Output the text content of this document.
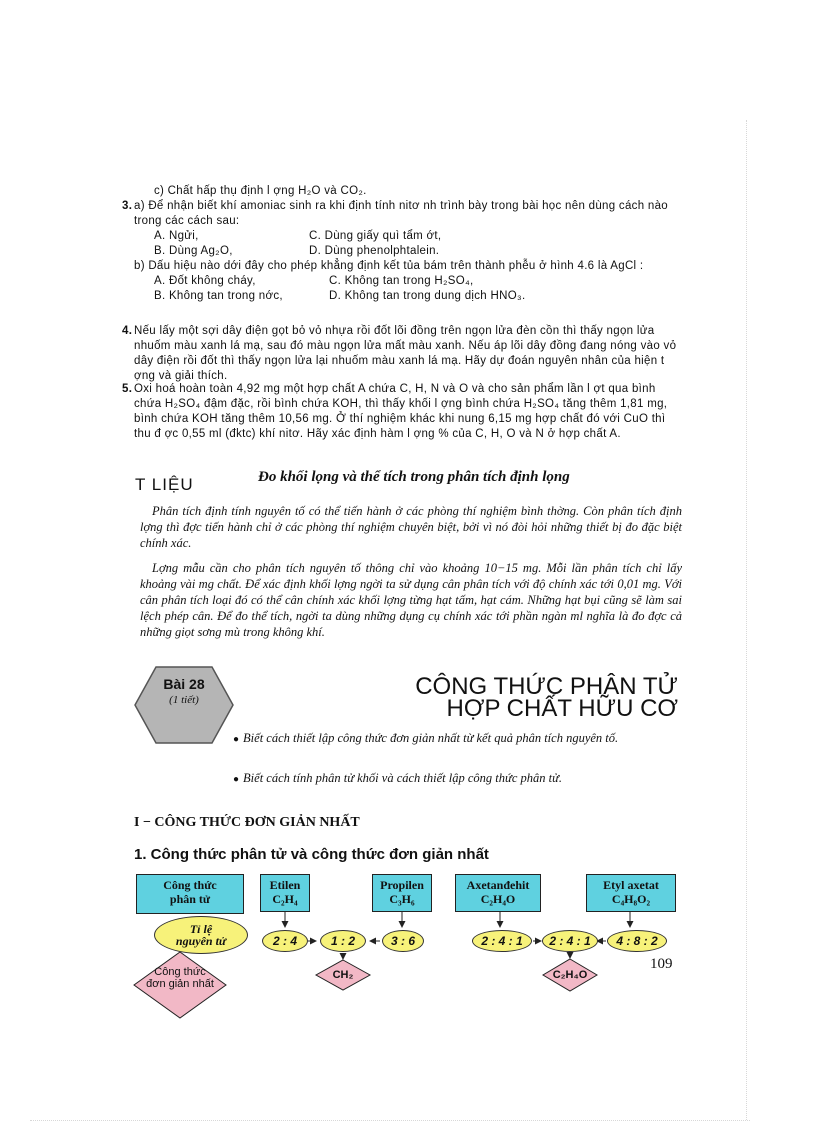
c) Chất hấp thụ định l ợng H₂O và CO₂.
3. a) Để nhận biết khí amoniac sinh ra khi định tính nitơ nh trình bày trong bài học nên dùng cách nào trong các cách sau:
A. Ngửi,	C. Dùng giấy quì tẩm ớt,
B. Dùng Ag₂O,	D. Dùng phenolphtalein.
b) Dấu hiệu nào dới đây cho phép khẳng định kết tủa bám trên thành phễu ở hình 4.6 là AgCl :
A. Đốt không cháy,	C. Không tan trong H₂SO₄,
B. Không tan trong nớc,	D. Không tan trong dung dịch HNO₃.
4. Nếu lấy một sợi dây điện gọt bỏ vỏ nhựa rồi đốt lõi đồng trên ngọn lửa đèn cồn thì thấy ngọn lửa nhuốm màu xanh lá mạ, sau đó màu ngọn lửa mất màu xanh. Nếu áp lõi dây đồng đang nóng vào vỏ dây điện rồi đốt thì thấy ngọn lửa lại nhuốm màu xanh lá mạ. Hãy dự đoán nguyên nhân của hiện t ợng và giải thích.
5. Oxi hoá hoàn toàn 4,92 mg một hợp chất A chứa C, H, N và O và cho sản phẩm lần l ợt qua bình chứa H₂SO₄ đậm đặc, rồi bình chứa KOH, thì thấy khối l ợng bình chứa H₂SO₄ tăng thêm 1,81 mg, bình chứa KOH tăng thêm 10,56 mg. Ở thí nghiệm khác khi nung 6,15 mg hợp chất đó với CuO thì thu đ ợc 0,55 ml (đktc) khí nitơ. Hãy xác định hàm l ợng % của C, H, O và N ở hợp chất A.
T LIỆU	Đo khối lọng và thể tích trong phân tích định lọng
Phân tích định tính nguyên tố có thể tiến hành ở các phòng thí nghiệm bình thờng. Còn phân tích định lợng thì đợc tiến hành chỉ ở các phòng thí nghiệm chuyên biệt, bởi vì nó đòi hỏi những thiết bị đo đặc biệt chính xác.
Lợng mẫu cần cho phân tích nguyên tố thông chỉ vào khoảng 10−15 mg. Mỗi lần phân tích chỉ lấy khoảng vài mg chất. Để xác định khối lợng ngời ta sử dụng cân phân tích với độ chính xác tới 0,01 mg. Với cân phân tích loại đó có thể cân chính xác khối lợng từng hạt tấm, hạt cám. Những hạt bụi cũng sẽ làm sai lệch phép cân. Để đo thể tích, ngời ta dùng những dụng cụ chính xác tới phần ngàn ml nghĩa là đo đợc cả những giọt sơng mù trong không khí.
Bài 28
(1 tiết)	CÔNG THỨC PHÂN TỬ
HỢP CHẤT HỮU CƠ
● Biết cách thiết lập công thức đơn giản nhất từ kết quả phân tích nguyên tố.
● Biết cách tính phân tử khối và cách thiết lập công thức phân tử.
I − CÔNG THỨC ĐƠN GIẢN NHẤT
1. Công thức phân tử và công thức đơn giản nhất
Công thức
phân tử
Tỉ lệ
nguyên tử
Công thức
đơn giản nhất
Etilen
C₂H₄
2 : 4	1 : 2
CH₂
Propilen
C₃H₆
3 : 6
Axetanđehit
C₂H₄O
2 : 4 : 1	2 : 4 : 1
C₂H₄O
Etyl axetat
C₄H₈O₂
4 : 8 : 2
109
